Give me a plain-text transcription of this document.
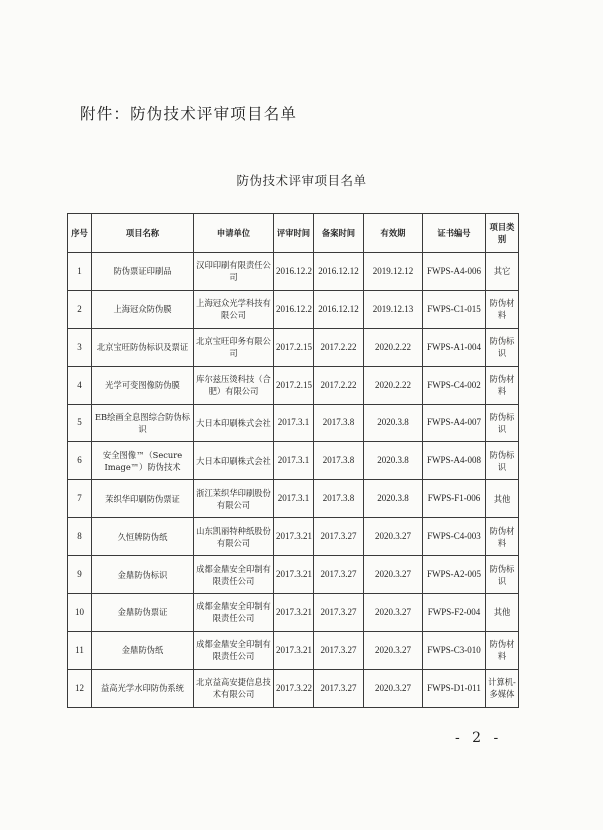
附件：防伪技术评审项目名单
防伪技术评审项目名单
序号	项目名称	申请单位	评审时间	备案时间	有效期	证书编号	项目类别
1	防伪票证印刷品	汉印印刷有限责任公司	2016.12.2	2016.12.12	2019.12.12	FWPS-A4-006	其它
2	上海冠众防伪膜	上海冠众光学科技有限公司	2016.12.2	2016.12.12	2019.12.13	FWPS-C1-015	防伪材料
3	北京宝旺防伪标识及票证	北京宝旺印务有限公司	2017.2.15	2017.2.22	2020.2.22	FWPS-A1-004	防伪标识
4	光学可变图像防伪膜	库尔兹压烫科技（合肥）有限公司	2017.2.15	2017.2.22	2020.2.22	FWPS-C4-002	防伪材料
5	EB绘画全息图综合防伪标识	大日本印刷株式会社	2017.3.1	2017.3.8	2020.3.8	FWPS-A4-007	防伪标识
6	安全图像™（Secure Image™）防伪技术	大日本印刷株式会社	2017.3.1	2017.3.8	2020.3.8	FWPS-A4-008	防伪标识
7	茉织华印刷防伪票证	浙江茉织华印刷股份有限公司	2017.3.1	2017.3.8	2020.3.8	FWPS-F1-006	其他
8	久恒牌防伪纸	山东凯丽特种纸股份有限公司	2017.3.21	2017.3.27	2020.3.27	FWPS-C4-003	防伪材料
9	金鼎防伪标识	成都金鼎安全印制有限责任公司	2017.3.21	2017.3.27	2020.3.27	FWPS-A2-005	防伪标识
10	金鼎防伪票证	成都金鼎安全印制有限责任公司	2017.3.21	2017.3.27	2020.3.27	FWPS-F2-004	其他
11	金鼎防伪纸	成都金鼎安全印制有限责任公司	2017.3.21	2017.3.27	2020.3.27	FWPS-C3-010	防伪材料
12	益高光学水印防伪系统	北京益高安捷信息技术有限公司	2017.3.22	2017.3.27	2020.3.27	FWPS-D1-011	计算机-多媒体
- 2 -
